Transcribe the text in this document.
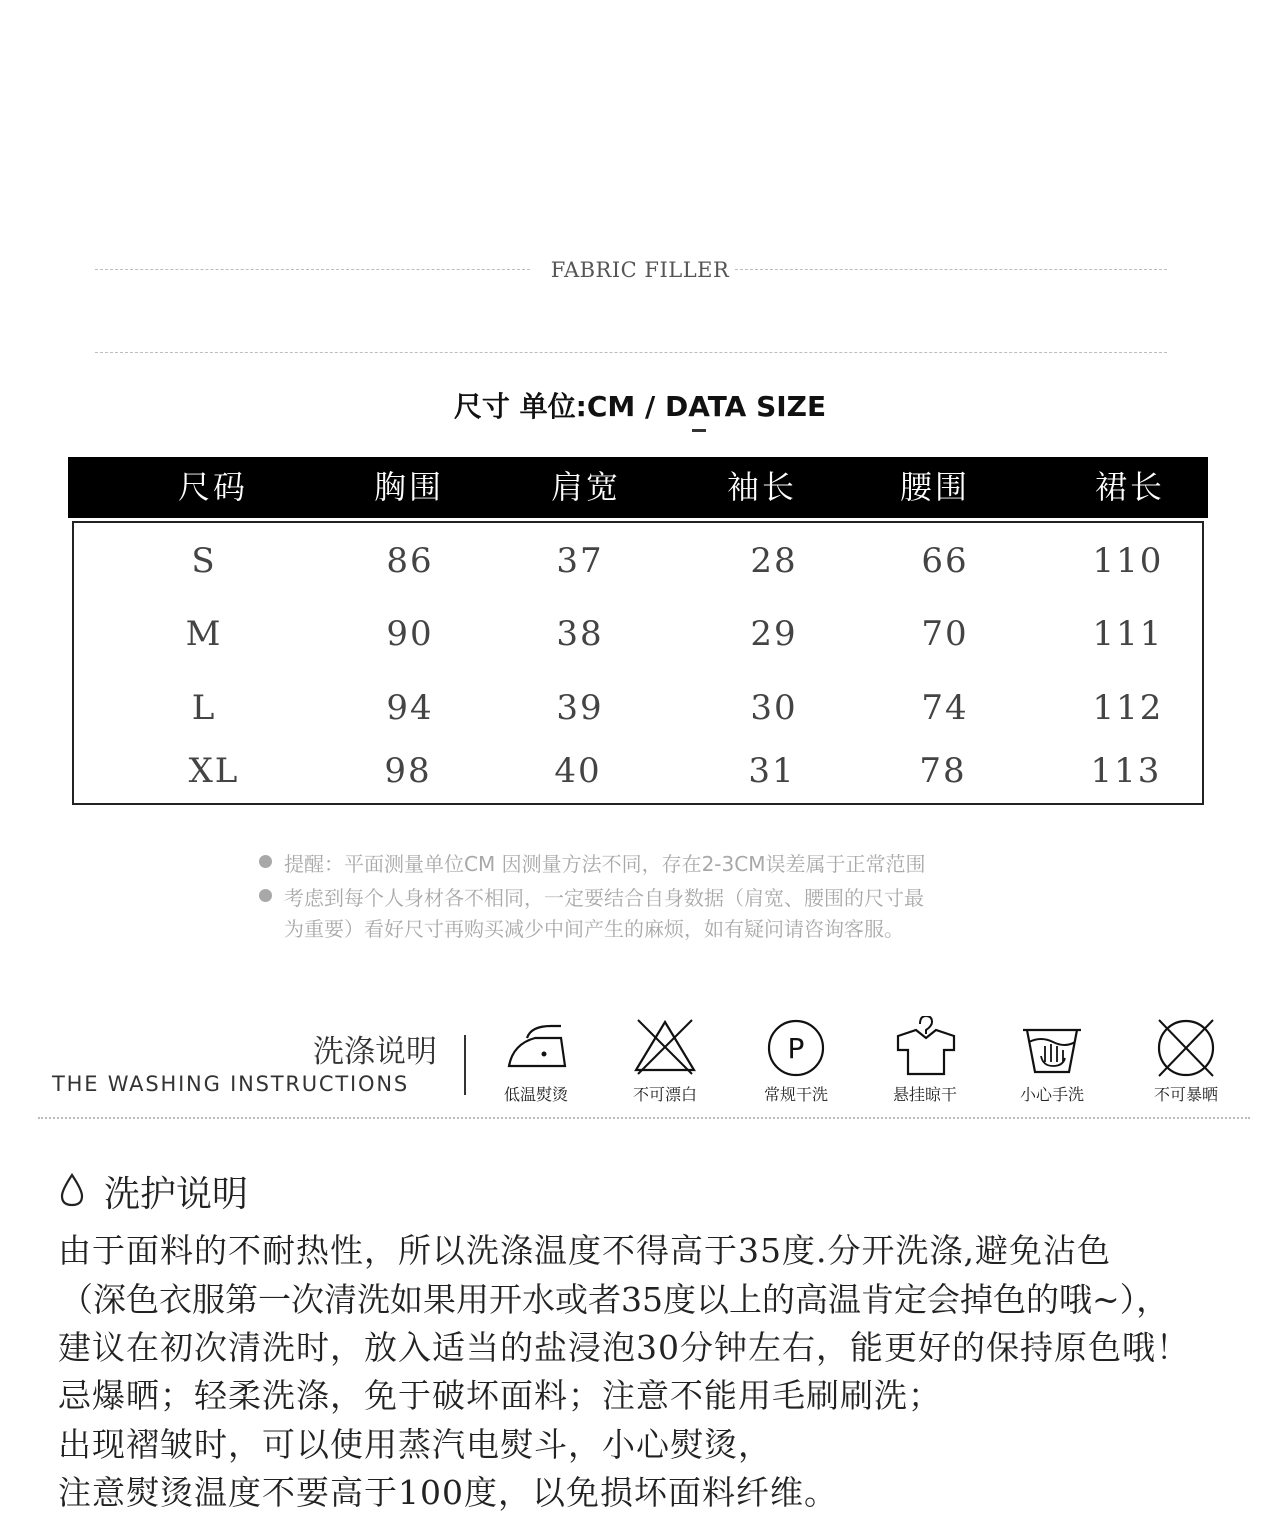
FABRIC FILLER
尺寸 单位:CM / DATA SIZE
尺码	胸围	肩宽	袖长	腰围	裙长
S	86	37	28	66	110
M	90	38	29	70	111
L	94	39	30	74	112
XL	98	40	31	78	113
提醒：平面测量单位CM 因测量方法不同，存在2-3CM误差属于正常范围
考虑到每个人身材各不相同，一定要结合自身数据（肩宽、腰围的尺寸最
为重要）看好尺寸再购买减少中间产生的麻烦，如有疑问请咨询客服。
洗涤说明
THE WASHING INSTRUCTIONS	低温熨烫	不可漂白
P
常规干洗	悬挂晾干	小心手洗	不可暴晒
洗护说明
由于面料的不耐热性，所以洗涤温度不得高于35度.分开洗涤,避免沾色
（深色衣服第一次清洗如果用开水或者35度以上的高温肯定会掉色的哦~），
建议在初次清洗时，放入适当的盐浸泡30分钟左右，能更好的保持原色哦！
忌爆晒；轻柔洗涤，免于破坏面料；注意不能用毛刷刷洗；
出现褶皱时，可以使用蒸汽电熨斗，小心熨烫，
注意熨烫温度不要高于100度，以免损坏面料纤维。
